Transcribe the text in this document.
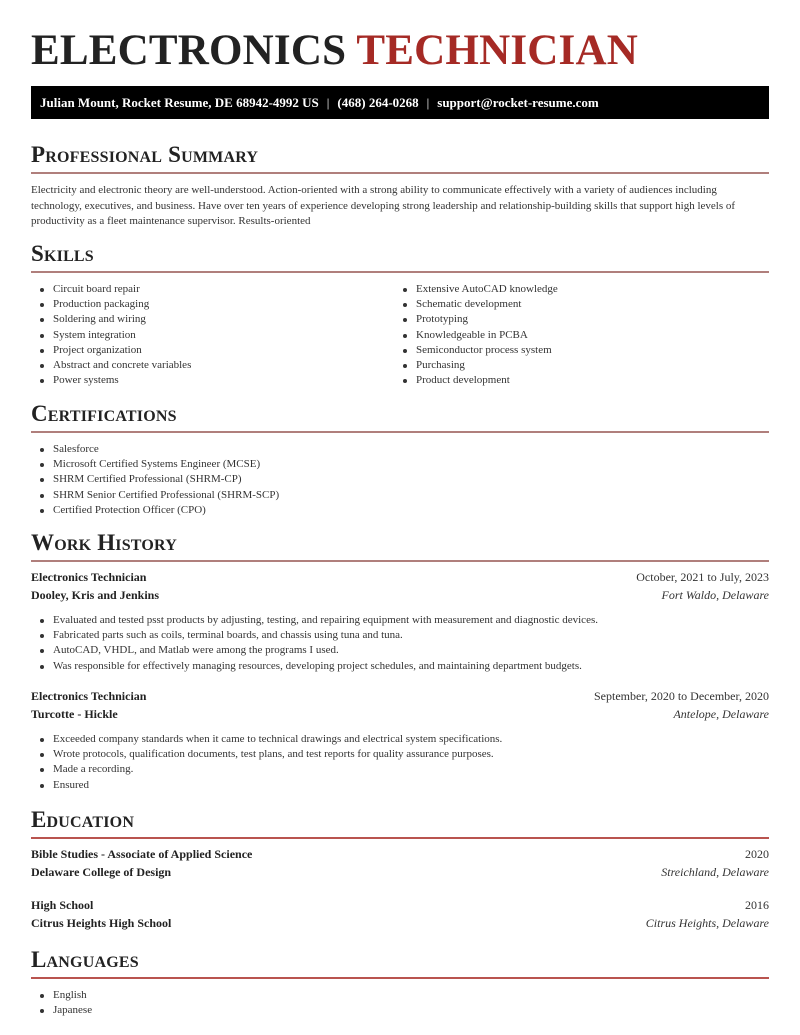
ELECTRONICS TECHNICIAN
Julian Mount, Rocket Resume, DE 68942-4992 US | (468) 264-0268 | support@rocket-resume.com
Professional Summary

Electricity and electronic theory are well-understood. Action-oriented with a strong ability to communicate effectively with a variety of audiences including technology, executives, and business. Have over ten years of experience developing strong leadership and relationship-building skills that support high levels of productivity as a fleet maintenance supervisor. Results-oriented

Skills
Circuit board repair
Production packaging
Soldering and wiring
System integration
Project organization
Abstract and concrete variables
Power systems
Extensive AutoCAD knowledge
Schematic development
Prototyping
Knowledgeable in PCBA
Semiconductor process system
Purchasing
Product development
Certifications
Salesforce
Microsoft Certified Systems Engineer (MCSE)
SHRM Certified Professional (SHRM-CP)
SHRM Senior Certified Professional (SHRM-SCP)
Certified Protection Officer (CPO)
Work History
Electronics Technician	October, 2021 to July, 2023
Dooley, Kris and Jenkins	Fort Waldo, Delaware
Evaluated and tested psst products by adjusting, testing, and repairing equipment with measurement and diagnostic devices.
Fabricated parts such as coils, terminal boards, and chassis using tuna and tuna.
AutoCAD, VHDL, and Matlab were among the programs I used.
Was responsible for effectively managing resources, developing project schedules, and maintaining department budgets.
Electronics Technician	September, 2020 to December, 2020
Turcotte - Hickle	Antelope, Delaware
Exceeded company standards when it came to technical drawings and electrical system specifications.
Wrote protocols, qualification documents, test plans, and test reports for quality assurance purposes.
Made a recording.
Ensured
Education
Bible Studies - Associate of Applied Science	2020
Delaware College of Design	Streichland, Delaware
High School	2016
Citrus Heights High School	Citrus Heights, Delaware
Languages
English
Japanese
